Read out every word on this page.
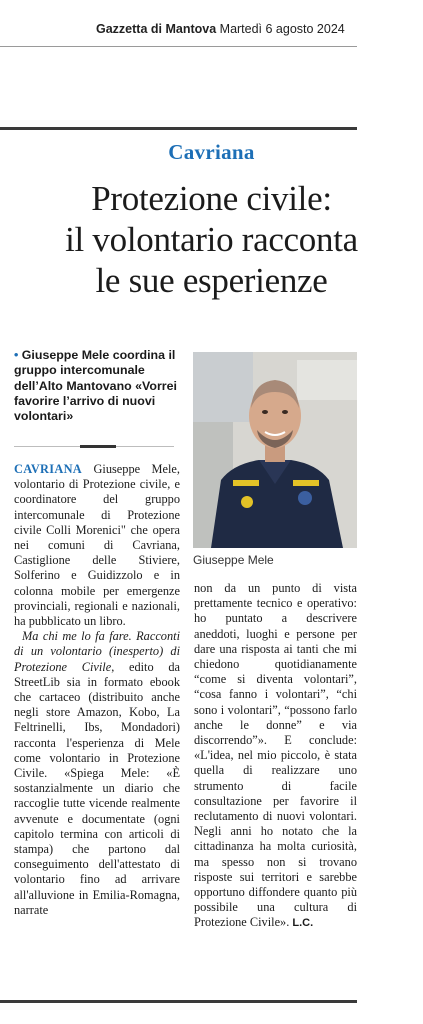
Gazzetta di Mantova Martedì 6 agosto 2024
Cavriana
Protezione civile:
il volontario racconta
le sue esperienze
• Giuseppe Mele coordina il gruppo intercomunale dell’Alto Mantovano «Vorrei favorire l’arrivo di nuovi volontari»
Giuseppe Mele

CAVRIANA Giuseppe Mele, volontario di Protezione civile, e coordinatore del gruppo intercomunale di Protezione civile Colli Morenici" che opera nei comuni di Cavriana, Castiglione delle Stiviere, Solferino e Guidizzolo e in colonna mobile per emergenze provinciali, regionali e nazionali, ha pubblicato un libro.

Ma chi me lo fa fare. Racconti di un volontario (inesperto) di Protezione Civile, edito da StreetLib sia in formato ebook che cartaceo (distribuito anche negli store Amazon, Kobo, La Feltrinelli, Ibs, Mondadori) racconta l'esperienza di Mele come volontario in Protezione Civile. «Spiega Mele: «È sostanzialmente un diario che raccoglie tutte vicende realmente avvenute e documentate (ogni capitolo termina con articoli di stampa) che partono dal conseguimento dell'attestato di volontario fino ad arrivare all'alluvione in Emilia-Romagna, narrate

non da un punto di vista prettamente tecnico e operativo: ho puntato a descrivere aneddoti, luoghi e persone per dare una risposta ai tanti che mi chiedono quotidianamente “come si diventa volontari”, “cosa fanno i volontari”, “chi sono i volontari”, “possono farlo anche le donne” e via discorrendo”». E conclude: «L'idea, nel mio piccolo, è stata quella di realizzare uno strumento di facile consultazione per favorire il reclutamento di nuovi volontari. Negli anni ho notato che la cittadinanza ha molta curiosità, ma spesso non si trovano risposte sui territori e sarebbe opportuno diffondere quanto più possibile una cultura di Protezione Civile». L.C.
